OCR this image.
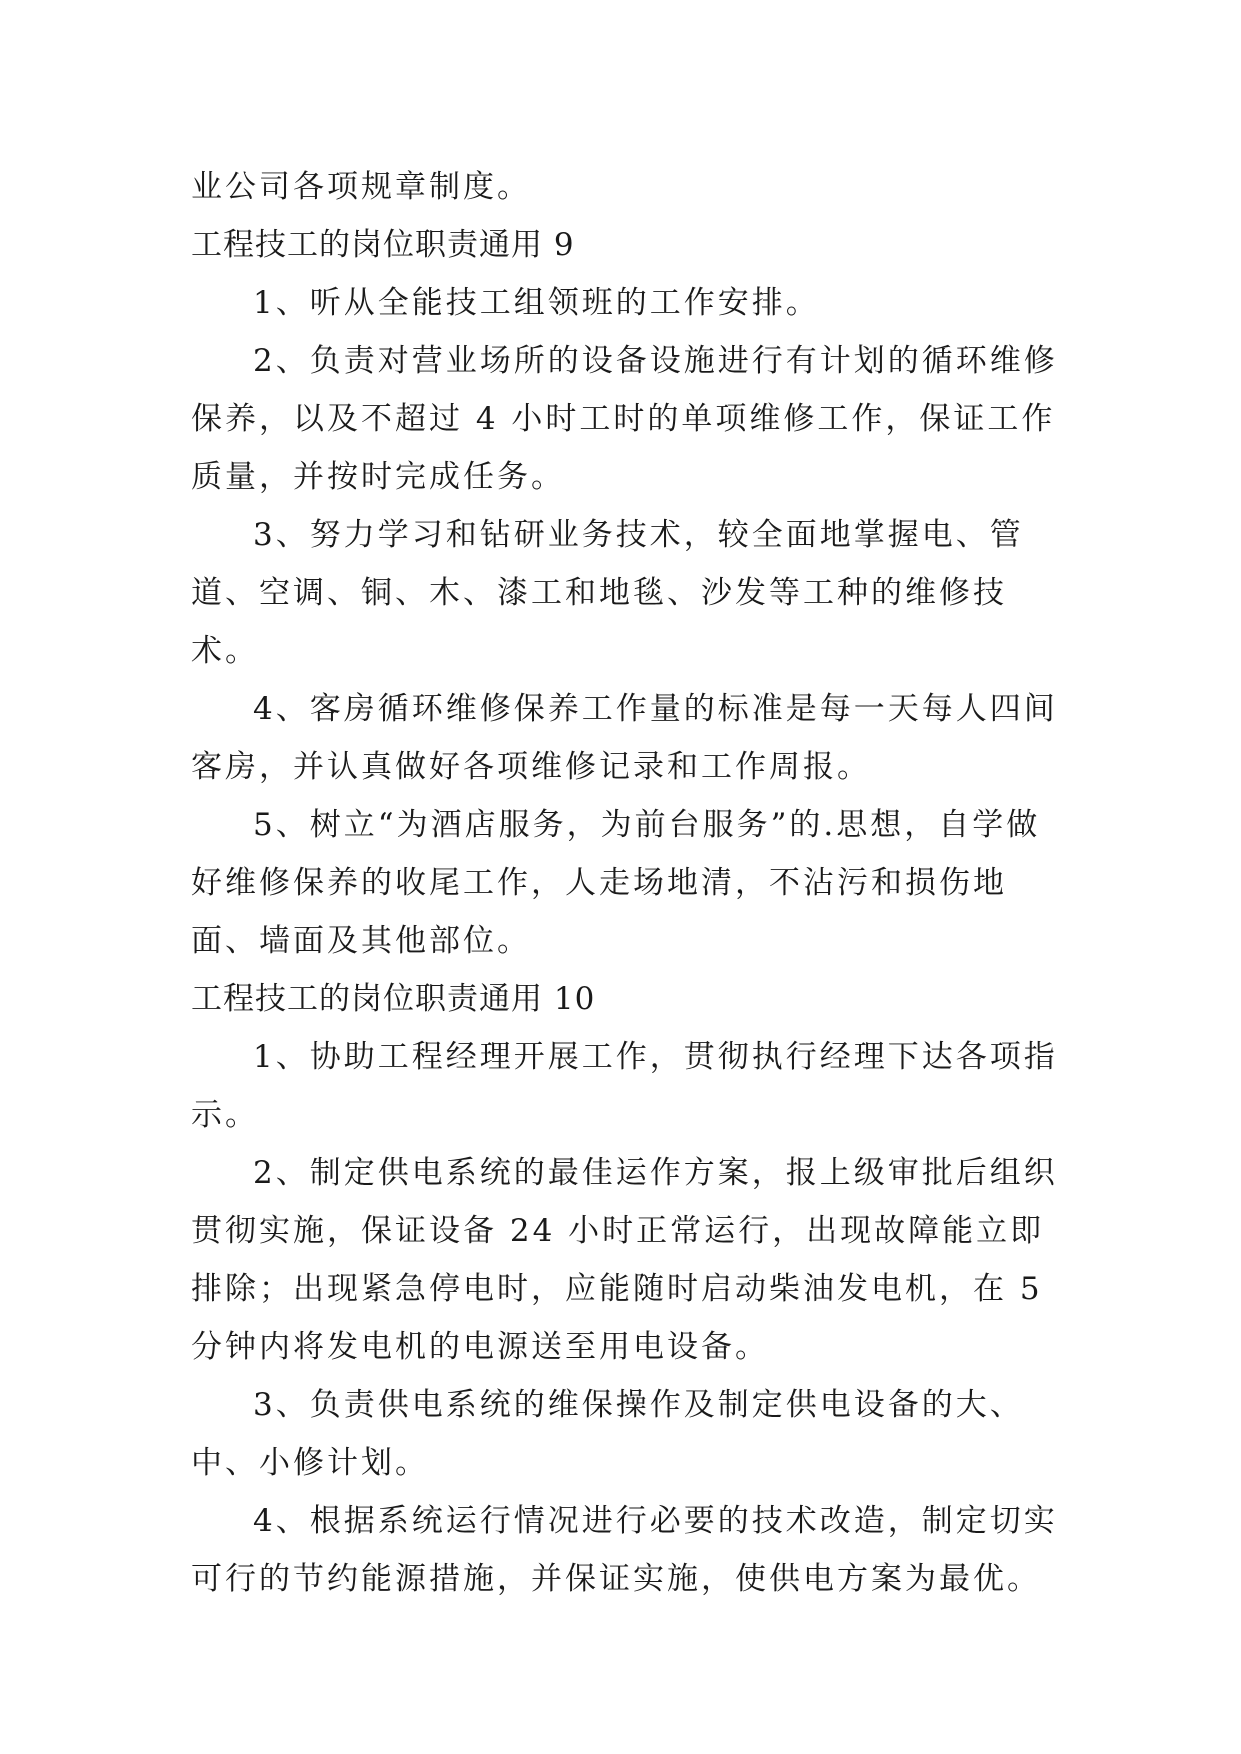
业公司各项规章制度。

工程技工的岗位职责通用 9

1、听从全能技工组领班的工作安排。

2、负责对营业场所的设备设施进行有计划的循环维修保养，以及不超过 4 小时工时的单项维修工作，保证工作质量，并按时完成任务。

3、努力学习和钻研业务技术，较全面地掌握电、管道、空调、铜、木、漆工和地毯、沙发等工种的维修技术。

4、客房循环维修保养工作量的标准是每一天每人四间客房，并认真做好各项维修记录和工作周报。

5、树立“为酒店服务，为前台服务”的.思想，自学做好维修保养的收尾工作，人走场地清，不沾污和损伤地面、墙面及其他部位。

工程技工的岗位职责通用 10

1、协助工程经理开展工作，贯彻执行经理下达各项指示。

2、制定供电系统的最佳运作方案，报上级审批后组织贯彻实施，保证设备 24 小时正常运行，出现故障能立即排除；出现紧急停电时，应能随时启动柴油发电机，在 5 分钟内将发电机的电源送至用电设备。

3、负责供电系统的维保操作及制定供电设备的大、中、小修计划。

4、根据系统运行情况进行必要的技术改造，制定切实可行的节约能源措施，并保证实施，使供电方案为最优。
